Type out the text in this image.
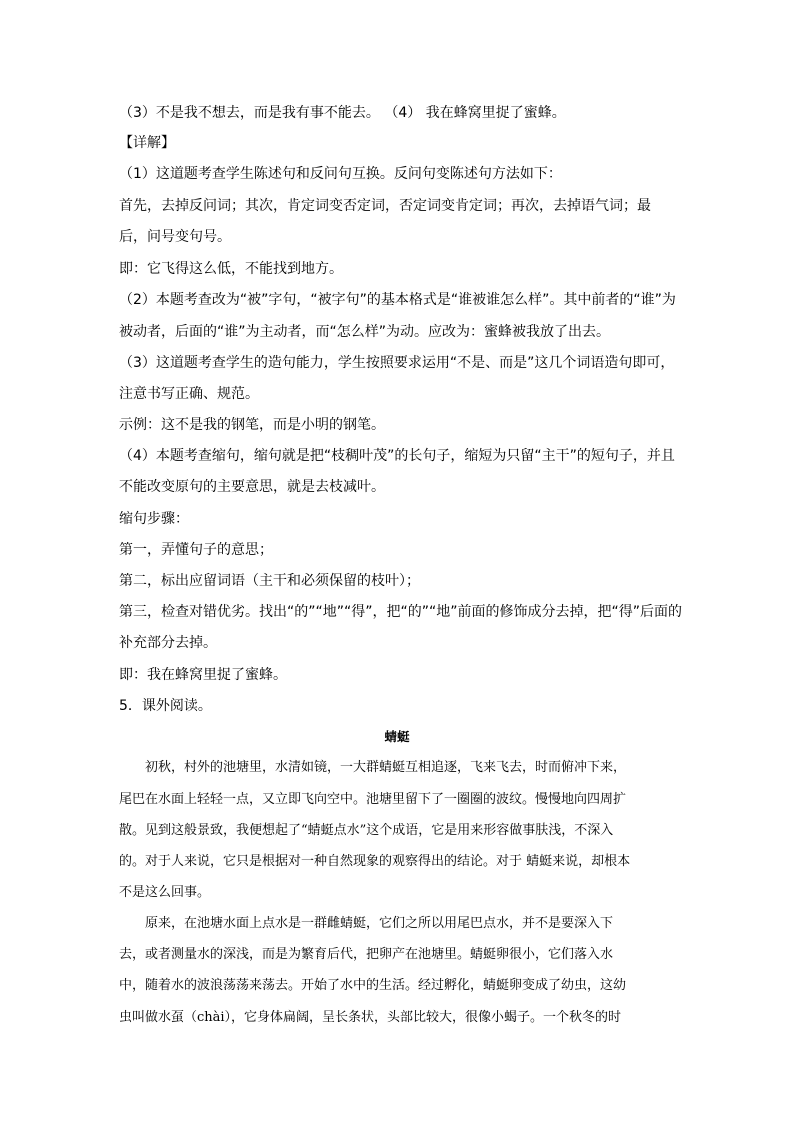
（3）不是我不想去，而是我有事不能去。 （4） 我在蜂窝里捉了蜜蜂。
【详解】
（1）这道题考查学生陈述句和反问句互换。反问句变陈述句方法如下：
首先，去掉反问词；其次，肯定词变否定词，否定词变肯定词；再次，去掉语气词；最
后，问号变句号。
即：它飞得这么低，不能找到地方。
（2）本题考查改为“被”字句，“被字句”的基本格式是“谁被谁怎么样”。其中前者的“谁”为
被动者，后面的“谁”为主动者，而“怎么样”为动。应改为：蜜蜂被我放了出去。
（3）这道题考查学生的造句能力，学生按照要求运用“不是、而是”这几个词语造句即可，
注意书写正确、规范。
示例：这不是我的钢笔，而是小明的钢笔。
（4）本题考查缩句，缩句就是把“枝稠叶茂”的长句子，缩短为只留“主干”的短句子，并且
不能改变原句的主要意思，就是去枝减叶。
缩句步骤：
第一，弄懂句子的意思；
第二，标出应留词语（主干和必须保留的枝叶）；
第三，检查对错优劣。找出“的”“地”“得”，把“的”“地”前面的修饰成分去掉，把“得”后面的
补充部分去掉。
即：我在蜂窝里捉了蜜蜂。
5．课外阅读。
蜻蜓
初秋，村外的池塘里，水清如镜，一大群蜻蜓互相追逐，飞来飞去，时而俯冲下来，
尾巴在水面上轻轻一点，又立即飞向空中。池塘里留下了一圈圈的波纹。慢慢地向四周扩
散。见到这般景致，我便想起了“蜻蜓点水”这个成语，它是用来形容做事肤浅，不深入
的。对于人来说，它只是根据对一种自然现象的观察得出的结论。对于 蜻蜓来说，却根本
不是这么回事。
原来，在池塘水面上点水是一群雌蜻蜓，它们之所以用尾巴点水，并不是要深入下
去，或者测量水的深浅，而是为繁育后代，把卵产在池塘里。蜻蜓卵很小，它们落入水
中，随着水的波浪荡荡来荡去。开始了水中的生活。经过孵化，蜻蜓卵变成了幼虫，这幼
虫叫做水虿（chài），它身体扁阔，呈长条状，头部比较大，很像小蝎子。一个秋冬的时
